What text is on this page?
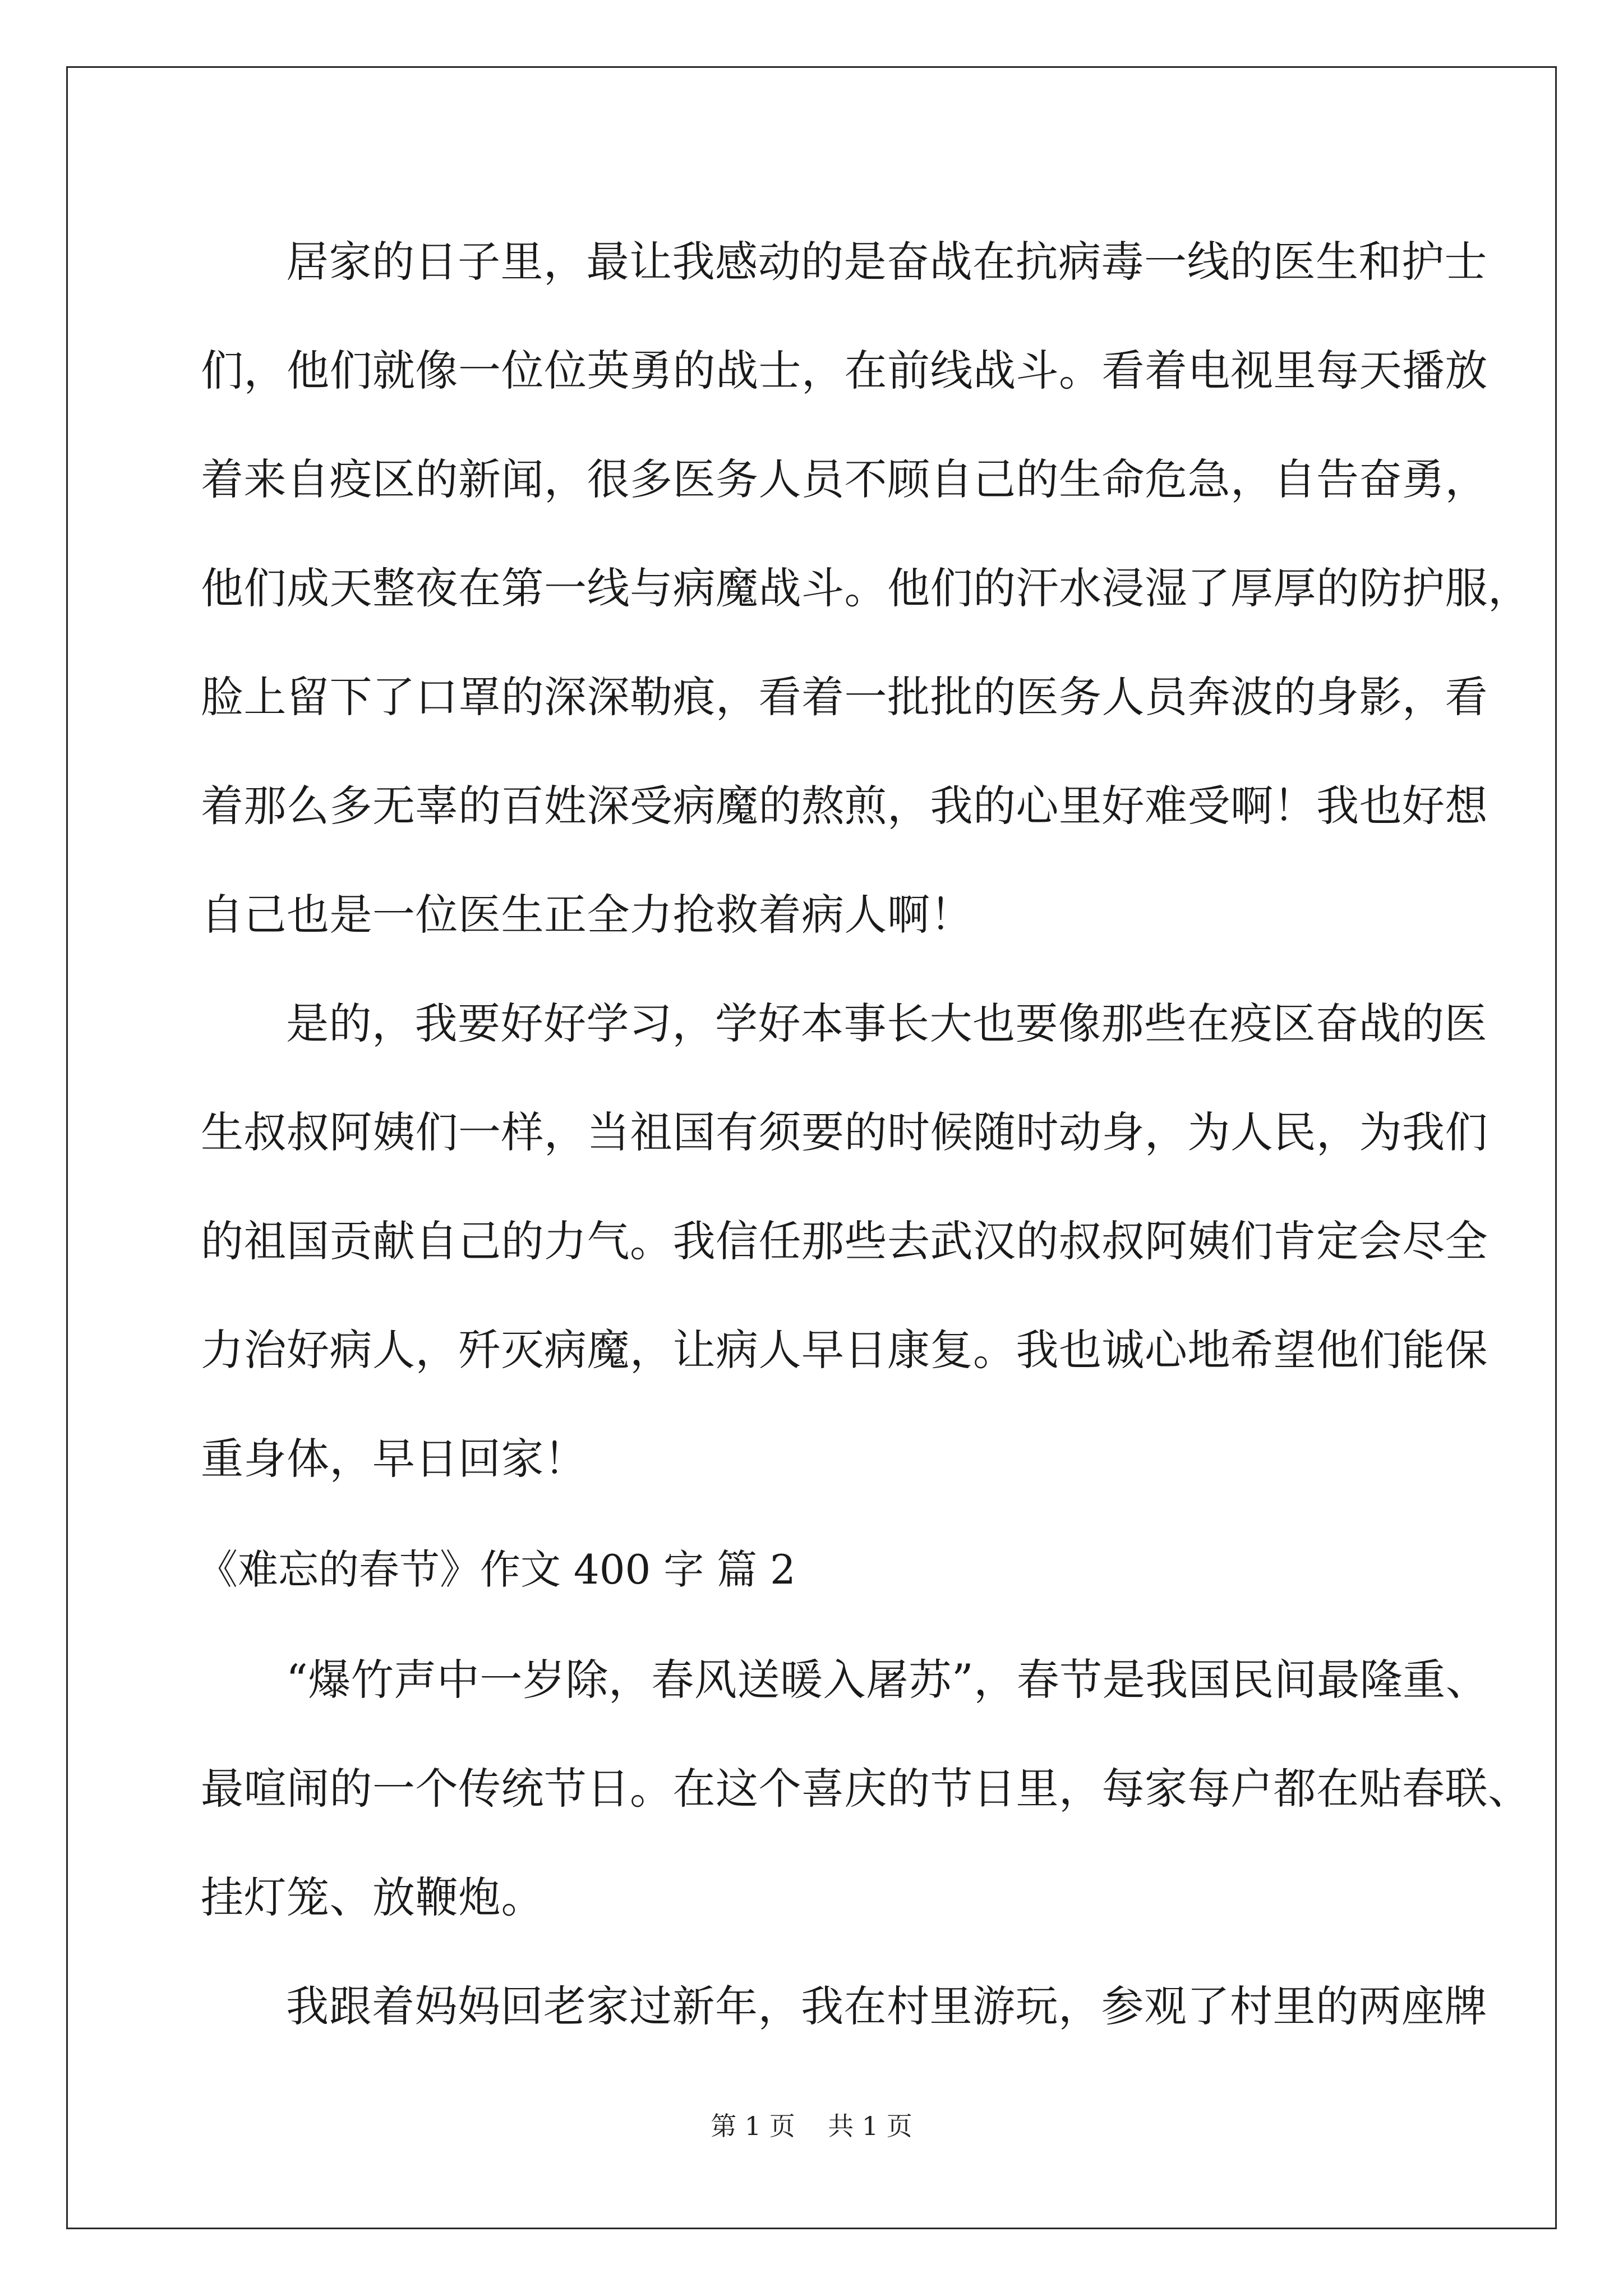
居家的日子里，最让我感动的是奋战在抗病毒一线的医生和护士
们，他们就像一位位英勇的战士，在前线战斗。看着电视里每天播放
着来自疫区的新闻，很多医务人员不顾自己的生命危急，自告奋勇，
他们成天整夜在第一线与病魔战斗。他们的汗水浸湿了厚厚的防护服，
脸上留下了口罩的深深勒痕，看着一批批的医务人员奔波的身影，看
着那么多无辜的百姓深受病魔的熬煎，我的心里好难受啊！我也好想
自己也是一位医生正全力抢救着病人啊！
是的，我要好好学习，学好本事长大也要像那些在疫区奋战的医
生叔叔阿姨们一样，当祖国有须要的时候随时动身，为人民，为我们
的祖国贡献自己的力气。我信任那些去武汉的叔叔阿姨们肯定会尽全
力治好病人，歼灭病魔，让病人早日康复。我也诚心地希望他们能保
重身体，早日回家！
《难忘的春节》作文 400 字 篇 2
“爆竹声中一岁除，春风送暖入屠苏”，春节是我国民间最隆重、
最喧闹的一个传统节日。在这个喜庆的节日里，每家每户都在贴春联、
挂灯笼、放鞭炮。
我跟着妈妈回老家过新年，我在村里游玩，参观了村里的两座牌
第 1 页    共 1 页
